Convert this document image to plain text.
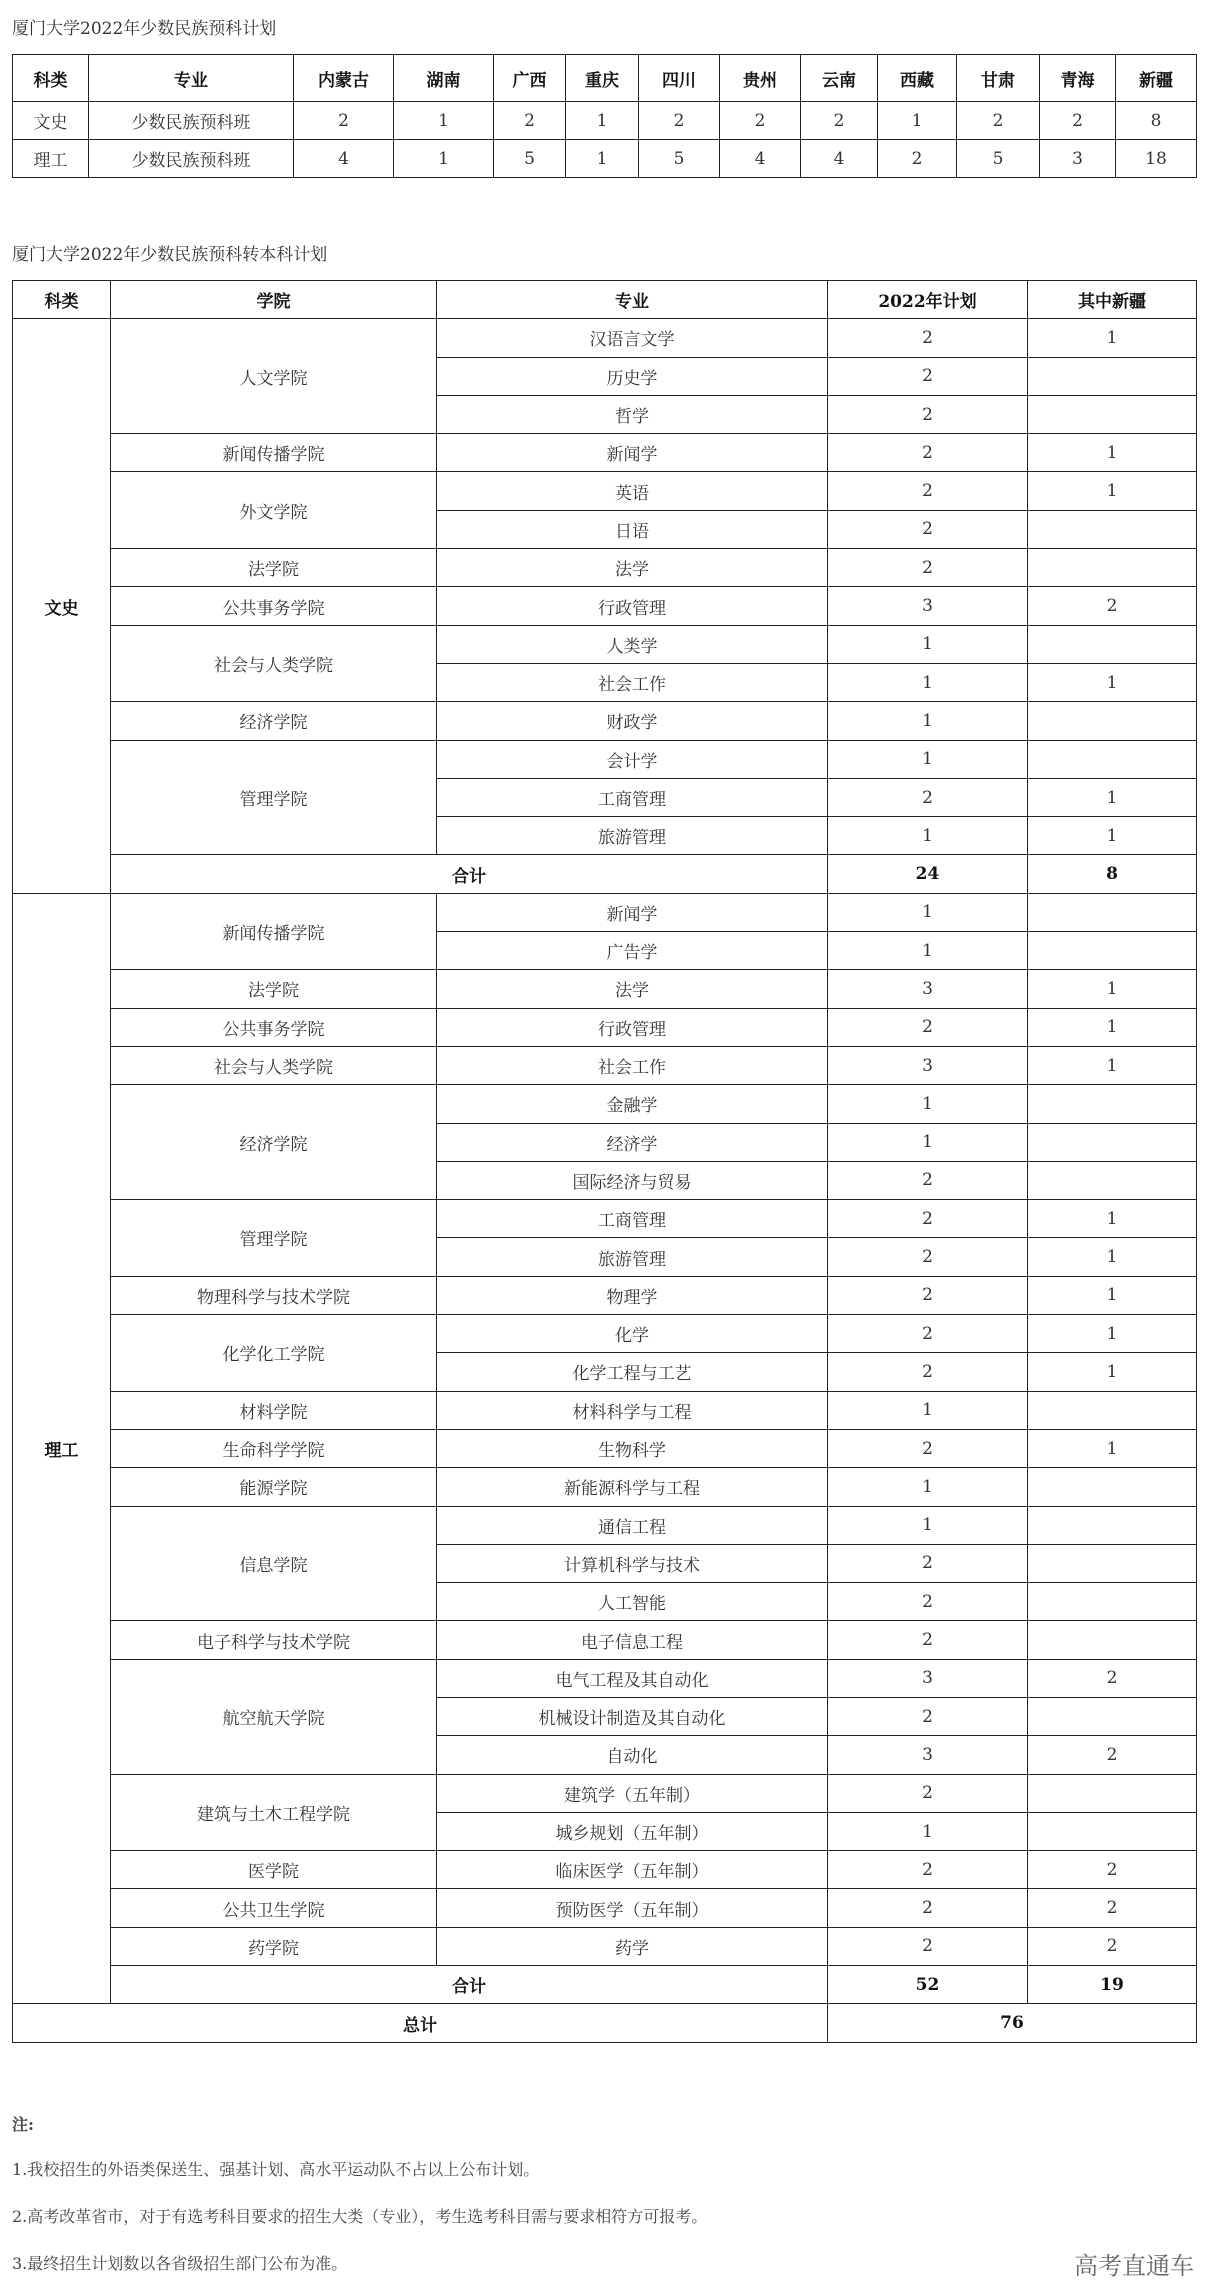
厦门大学2022年少数民族预科计划
科类	专业	内蒙古	湖南	广西	重庆	四川	贵州	云南	西藏	甘肃	青海	新疆
文史	少数民族预科班	2	1	2	1	2	2	2	1	2	2	8
理工	少数民族预科班	4	1	5	1	5	4	4	2	5	3	18
厦门大学2022年少数民族预科转本科计划
科类	学院	专业	2022年计划	其中新疆
文史	人文学院	汉语言文学	2	1
		历史学	2	
		哲学	2	
	新闻传播学院	新闻学	2	1
	外文学院	英语	2	1
		日语	2	
	法学院	法学	2	
	公共事务学院	行政管理	3	2
	社会与人类学院	人类学	1	
		社会工作	1	1
	经济学院	财政学	1	
	管理学院	会计学	1	
		工商管理	2	1
		旅游管理	1	1
	合计		24	8
理工	新闻传播学院	新闻学	1	
		广告学	1	
	法学院	法学	3	1
	公共事务学院	行政管理	2	1
	社会与人类学院	社会工作	3	1
	经济学院	金融学	1	
		经济学	1	
		国际经济与贸易	2	
	管理学院	工商管理	2	1
		旅游管理	2	1
	物理科学与技术学院	物理学	2	1
	化学化工学院	化学	2	1
		化学工程与工艺	2	1
	材料学院	材料科学与工程	1	
	生命科学学院	生物科学	2	1
	能源学院	新能源科学与工程	1	
	信息学院	通信工程	1	
		计算机科学与技术	2	
		人工智能	2	
	电子科学与技术学院	电子信息工程	2	
	航空航天学院	电气工程及其自动化	3	2
		机械设计制造及其自动化	2	
		自动化	3	2
	建筑与土木工程学院	建筑学（五年制）	2	
		城乡规划（五年制）	1	
	医学院	临床医学（五年制）	2	2
	公共卫生学院	预防医学（五年制）	2	2
	药学院	药学	2	2
	合计		52	19
总计			76	
注:
1.我校招生的外语类保送生、强基计划、高水平运动队不占以上公布计划。
2.高考改革省市，对于有选考科目要求的招生大类（专业），考生选考科目需与要求相符方可报考。
3.最终招生计划数以各省级招生部门公布为准。	高考直通车
